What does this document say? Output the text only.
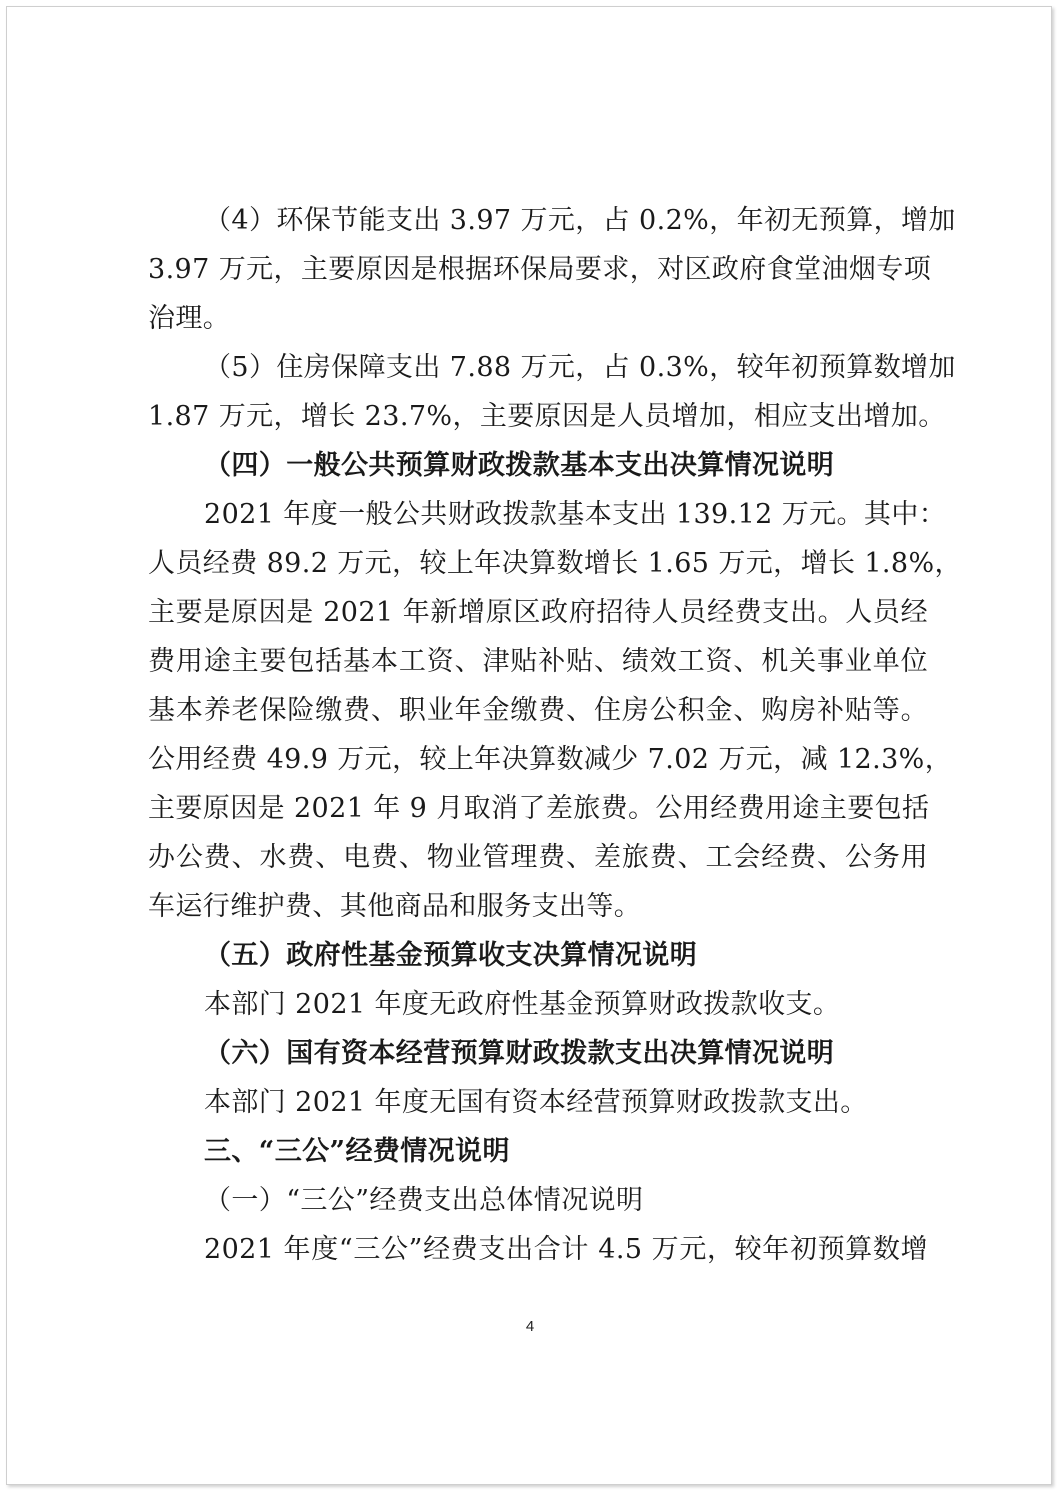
（4）环保节能支出 3.97 万元，占 0.2%，年初无预算，增加
3.97 万元，主要原因是根据环保局要求，对区政府食堂油烟专项
治理。
（5）住房保障支出 7.88 万元，占 0.3%，较年初预算数增加
1.87 万元，增长 23.7%，主要原因是人员增加，相应支出增加。
（四）一般公共预算财政拨款基本支出决算情况说明
2021 年度一般公共财政拨款基本支出 139.12 万元。其中：
人员经费 89.2 万元，较上年决算数增长 1.65 万元，增长 1.8%，
主要是原因是 2021 年新增原区政府招待人员经费支出。人员经
费用途主要包括基本工资、津贴补贴、绩效工资、机关事业单位
基本养老保险缴费、职业年金缴费、住房公积金、购房补贴等。
公用经费 49.9 万元，较上年决算数减少 7.02 万元，减 12.3%，
主要原因是 2021 年 9 月取消了差旅费。公用经费用途主要包括
办公费、水费、电费、物业管理费、差旅费、工会经费、公务用
车运行维护费、其他商品和服务支出等。
（五）政府性基金预算收支决算情况说明
本部门 2021 年度无政府性基金预算财政拨款收支。
（六）国有资本经营预算财政拨款支出决算情况说明
本部门 2021 年度无国有资本经营预算财政拨款支出。
三、“三公”经费情况说明
（一）“三公”经费支出总体情况说明
2021 年度“三公”经费支出合计 4.5 万元，较年初预算数增
4
